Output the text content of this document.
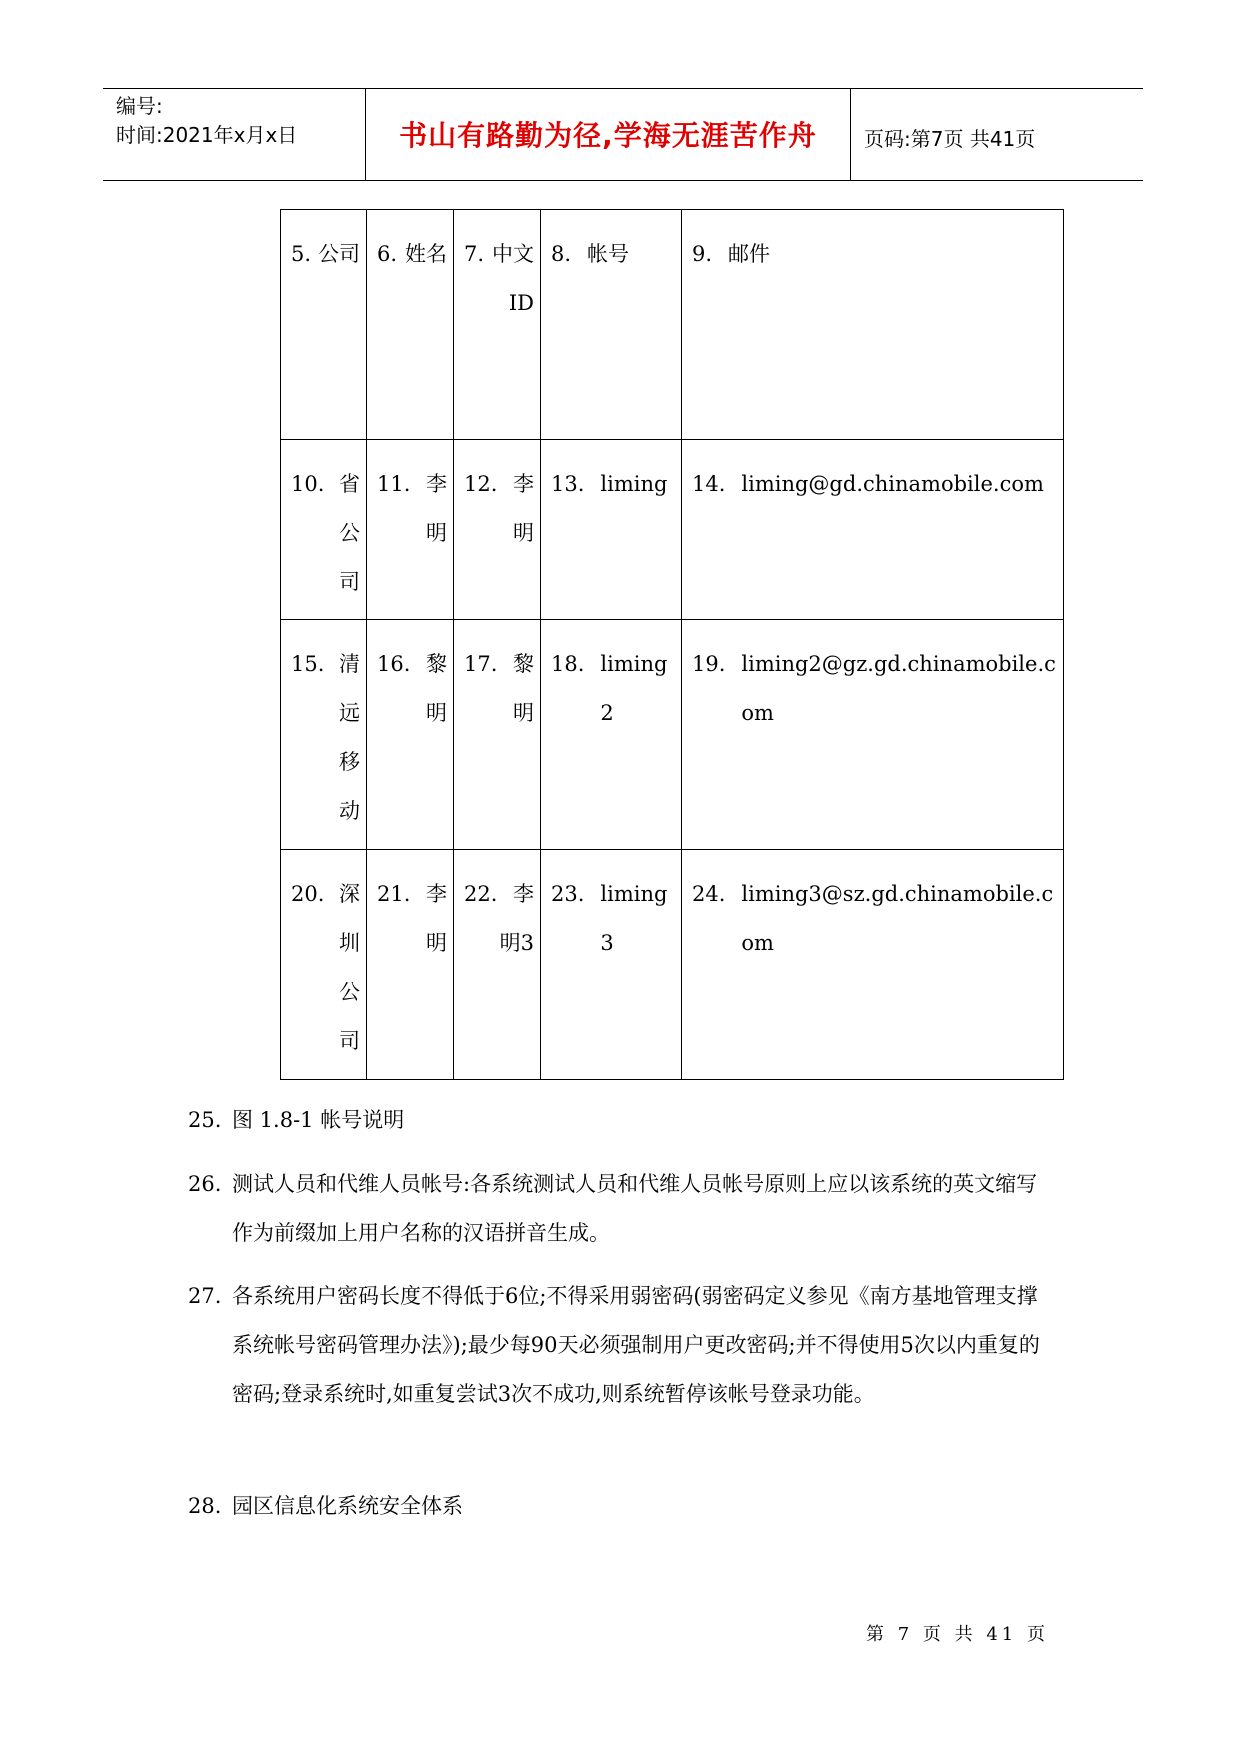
编号:
时间:2021年x月x日	书山有路勤为径,学海无涯苦作舟	页码:第7页 共41页
5. 公司	6. 姓名	7. 中文ID	8. 帐号	9. 邮件

10. 省公司	11. 李明	12. 李明	13. liming	14. liming@gd.chinamobile.com

15. 清远移动	16. 黎明	17. 黎明	18. liming2	19. liming2@gz.gd.chinamobile.com

20. 深圳公司	21. 李明	22. 李明3	23. liming3	24. liming3@sz.gd.chinamobile.com
25. 图 1.8-1 帐号说明
26. 测试人员和代维人员帐号:各系统测试人员和代维人员帐号原则上应以该系统的英文缩写作为前缀加上用户名称的汉语拼音生成。
27. 各系统用户密码长度不得低于6位;不得采用弱密码(弱密码定义参见《南方基地管理支撑系统帐号密码管理办法》);最少每90天必须强制用户更改密码;并不得使用5次以内重复的密码;登录系统时,如重复尝试3次不成功,则系统暂停该帐号登录功能。
28. 园区信息化系统安全体系
第 7 页 共 41 页
